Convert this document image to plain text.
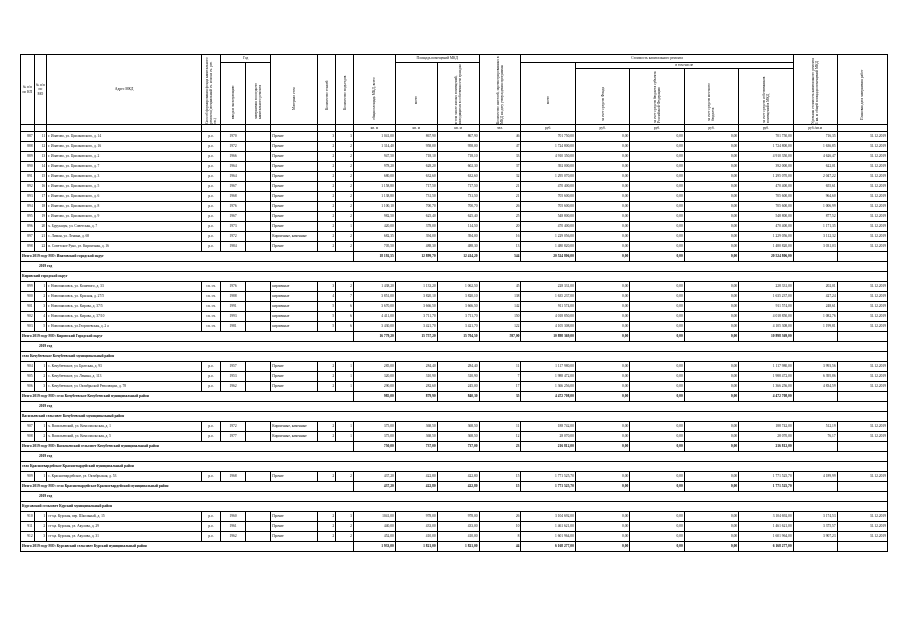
№ п/п по КП	№ п/п по МО	Адрес МКД	Способ формирования фонда капитального ремонта (специальный сч. или на сч. рег. оп.)	Год		Материал стен	Количество этажей	Количество подъездов	общая площадь МКД, всего	Площадь помещений МКД		Количество жителей, зарегистрированных в МКД на дату утверждения программы	Стоимость капитального ремонта					Удельная стоимость капитального ремонта 1 кв. м общей площади помещений МКД	Плановая дата завершения работ

				ввода в эксплуатацию	завершения последнего капитального ремонта					всего	в том числе жилых помещений, находящихся в собственности граждан		всего	в том числе					

														за счет средств Фонда	за счет средств бюджета субъекта Российской Федерации	за счет средств местного бюджета	за счет средств собственников помещений в МКД		

									кв. м	кв. м	кв. м	чел.	руб.	руб.	руб.	руб.	руб.	руб./кв.м	
887	11	г. Ипатово, ул. Циолковского, д. 14	р.о.	1970		Прочие	3	3	1 041,00	867,90	867,90	46	701 750,00	0,00	0,00	0,00	701 750,00	716,35	31.12.2019
888	12	г. Ипатово, ул. Циолковского, д. 16	р.о.	1972		Прочие	2	2	1 314,40	958,00	958,00	47	1 724 800,00	0,00	0,00	0,00	1 724 800,00	1 636,85	31.12.2019
889	13	г. Ипатово, ул. Циолковского, д. 2	р.о.	1966		Прочие	2	2	947,50	718,10	718,10	33	4 910 350,00	0,00	0,00	0,00	4 910 350,00	4 626,47	31.12.2019
890	14	г. Ипатово, ул. Циолковского, д. 7	р.о.	1964		Прочие	2	2	978,20	628,20	602,30	37	392 000,00	0,00	0,00	0,00	392 000,00	622,01	31.12.2019
891	15	г. Ипатово, ул. Циолковского, д. 3	р.о.	1964		Прочие	2	2	680,00	632,60	632,60	32	1 295 070,00	0,00	0,00	0,00	1 295 070,00	2 047,22	31.12.2019
892	16	г. Ипатово, ул. Циолковского, д. 5	р.о.	1967		Прочие	2	2	1 158,80	717,50	717,50	21	470 400,00	0,00	0,00	0,00	470 400,00	655,61	31.12.2019
893	17	г. Ипатово, ул. Циолковского, д. 6	р.о.	1968		Прочие	2	2	1 138,80	731,50	731,50	21	705 600,00	0,00	0,00	0,00	705 600,00	964,60	31.12.2019
894	18	г. Ипатово, ул. Циолковского, д. 8	р.о.	1976		Прочие	2	2	1 100,10	700,70	700,70	26	705 600,00	0,00	0,00	0,00	705 600,00	1 006,99	31.12.2019
895	19	г. Ипатово, ул. Циолковского, д. 9	р.о.	1967		Прочие	2	2	982,50	625,40	625,40	25	548 800,00	0,00	0,00	0,00	548 800,00	877,52	31.12.2019
896	20	х. Бурукшун, ул. Советская, д. 7	р.о.	1973		Прочие	2	1	420,00	378,00	114,50	20	470 400,00	0,00	0,00	0,00	470 400,00	1 171,35	31.12.2019
897	21	с. Лиман, ул. Ленина, д. 68	р.о.	1972		Кирпичные, каменные	2	2	682,35	394,00	394,00	16	1 229 056,00	0,00	0,00	0,00	1 229 056,00	3 112,32	31.12.2019
898	22	п. Советское Руно, ул. Кирпичная, д. 16	р.о.	1984		Прочие	2	2	705,50	488,30	488,30	13	1 480 820,00	0,00	0,00	0,00	1 480 820,00	3 031,03	31.12.2019
Итого 2019 году МО: Ипатовский городской округ									18 192,55	12 899,70	12 414,20	544	20 524 806,00	0,00	0,00	0,00	20 524 806,00		
2019 год																			
Кировский городской округ																			
899	1	г. Новопавловск, ул. Кошевого, д. 33	сп. сч.	1976		кирпичные	3	2	1 438,20	1 133,20	1 062,50	45	228 331,00	0,00	0,00	0,00	228 331,00	202,01	31.12.2019
900	2	г. Новопавловск, ул. Красная, д. 27/5	сп. сч.	1988		кирпичные	4	7	3 851,00	3 820,10	3 820,10	138	1 635 237,00	0,00	0,00	0,00	1 635 237,00	427,24	31.12.2019
901	3	г. Новопавловск, ул. Кирова, д. 37/5	сп. сч.	1991		кирпичные	5	6	3 670,00	3 666,50	3 666,50	142	911 574,00	0,00	0,00	0,00	911 574,00	248,61	31.12.2019
902	4	г. Новопавловск, ул. Кирова, д. 37/10	сп. сч.	1993		кирпичные	5	6	4 411,00	3 711,70	3 711,70	150	4 018 850,00	0,00	0,00	0,00	4 018 850,00	1 082,76	31.12.2019
903	5	г. Новопавловск, ул.Георгиевская, д. 2 а	сп. сч.	1981		кирпичные	5	6	3 430,00	3 421,70	3 421,70	122	4 105 308,00	0,00	0,00	0,00	4 105 308,00	1 199,81	31.12.2019
Итого 2019 году МО: Кировский Городской округ									16 779,20	15 757,20	15 704,50	597,00	10 898 369,00	0,00	0,00	0,00	10 898 369,00		
2019 год																			
село Кочубеевское Кочубеевский муниципальный район																			
904	1	с. Кочубеевское, ул. Братская, д. 93	р.о.	1957		Прочие	2	1	285,00	284,40	284,40	11	1 117 980,00	0,00	0,00	0,00	1 117 980,00	3 993,56	31.12.2019
905	2	с. Кочубеевское, ул. Ленина, д. 113	р.о.	1953		Прочие	2	1	320,00	310,90	310,90	7	1 988 472,00	0,00	0,00	0,00	1 988 472,00	6 395,86	31.12.2019
906	3	с. Кочубеевское, ул. Октябрьской Революции, д. 78	р.о.	1962		Прочие	2	1	290,00	282,60	245,00	17	1 366 256,00	0,00	0,00	0,00	1 366 256,00	4 834,59	31.12.2019
Итого 2019 году МО: село Кочубеевское Кочубеевский муниципальный район									985,00	879,90	840,30	35	4 472 708,00	0,00	0,00	0,00	4 472 708,00		
2019 год																			
Васильевский сельсовет Кочубеевский муниципальный район																			
907	1	х. Васильевский, ул. Комсомольская, д. 1	р.о.	1972		Кирпичные, каменные	2	1	375,00	368,50	368,50	11	188 742,00	0,00	0,00	0,00	188 742,00	512,19	31.12.2019
908	2	х. Васильевский, ул. Комсомольская, д. 5	р.о.	1977		Кирпичные, каменные	2	1	375,00	368,50	368,50	12	28 070,00	0,00	0,00	0,00	28 070,00	76,17	31.12.2019
Итого 2019 году МО: Васильевский сельсовет Кочубеевский муниципальный район									750,00	737,00	737,00	23	216 812,00	0,00	0,00	0,00	216 812,00		
2019 год																			
село Красногвардейское Красногвардейский муниципальный район																			
909	1	с. Красногвардейское, ул. Октябрьская, д. 53	р.о.	1968		Прочие	2	2	437,20	422,80	422,80	15	1 771 525,70	0,00	0,00	0,00	1 771 525,70	4 189,99	31.12.2019
Итого 2019 году МО: село Красногвардейское Красногвардейский муниципальный район									437,20	422,80	422,80	15	1 771 525,70	0,00	0,00	0,00	1 771 525,70		
2019 год																			
Курсавский сельсовет Курский муниципальный район																			
910	1	ст-ца. Курская, пер. Школьный, д. 15	р.о.	1960		Прочие	2	3	1041,00	978,00	978,00	26	3 104 692,00	0,00	0,00	0,00	3 104 692,00	3 174,53	31.12.2019
911	2	ст-ца. Курская, ул. Акулова, д. 29	р.о.	1961		Прочие	2	2	440,00	433,00	433,00	10	1 461 621,00	0,00	0,00	0,00	1 461 621,00	3 375,57	31.12.2019
912	3	ст-ца. Курская, ул. Акулова, д. 31	р.о.	1962		Прочие	2	2	452,00	410,00	410,00	8	1 601 964,00	0,00	0,00	0,00	1 601 964,00	3 907,23	31.12.2019
Итого 2019 году МО: Курсавский сельсовет Курский муниципальный район									1 933,00	1 821,00	1 821,00	44	6 168 277,00	0,00	0,00	0,00	6 168 277,00		
